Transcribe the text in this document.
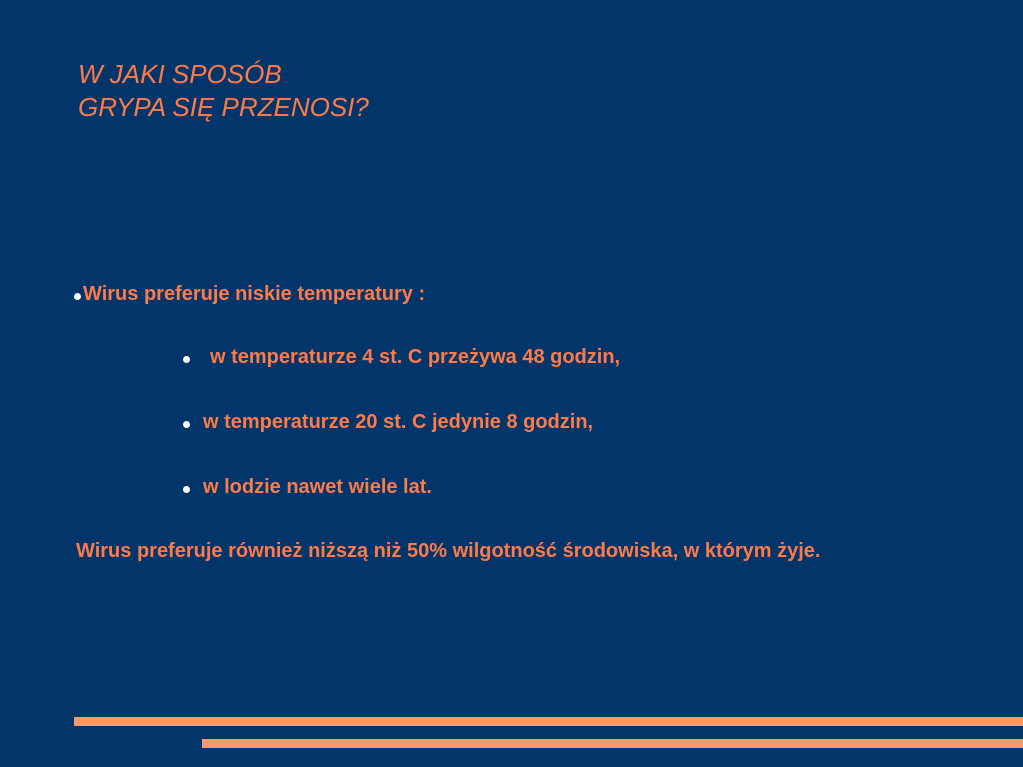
W JAKI SPOSÓB
GRYPA SIĘ PRZENOSI?
Wirus preferuje niskie temperatury :
w temperaturze 4 st. C przeżywa 48 godzin,
w temperaturze 20 st. C jedynie 8 godzin,
w lodzie nawet wiele lat.
Wirus preferuje również niższą niż 50% wilgotność środowiska, w którym żyje.
